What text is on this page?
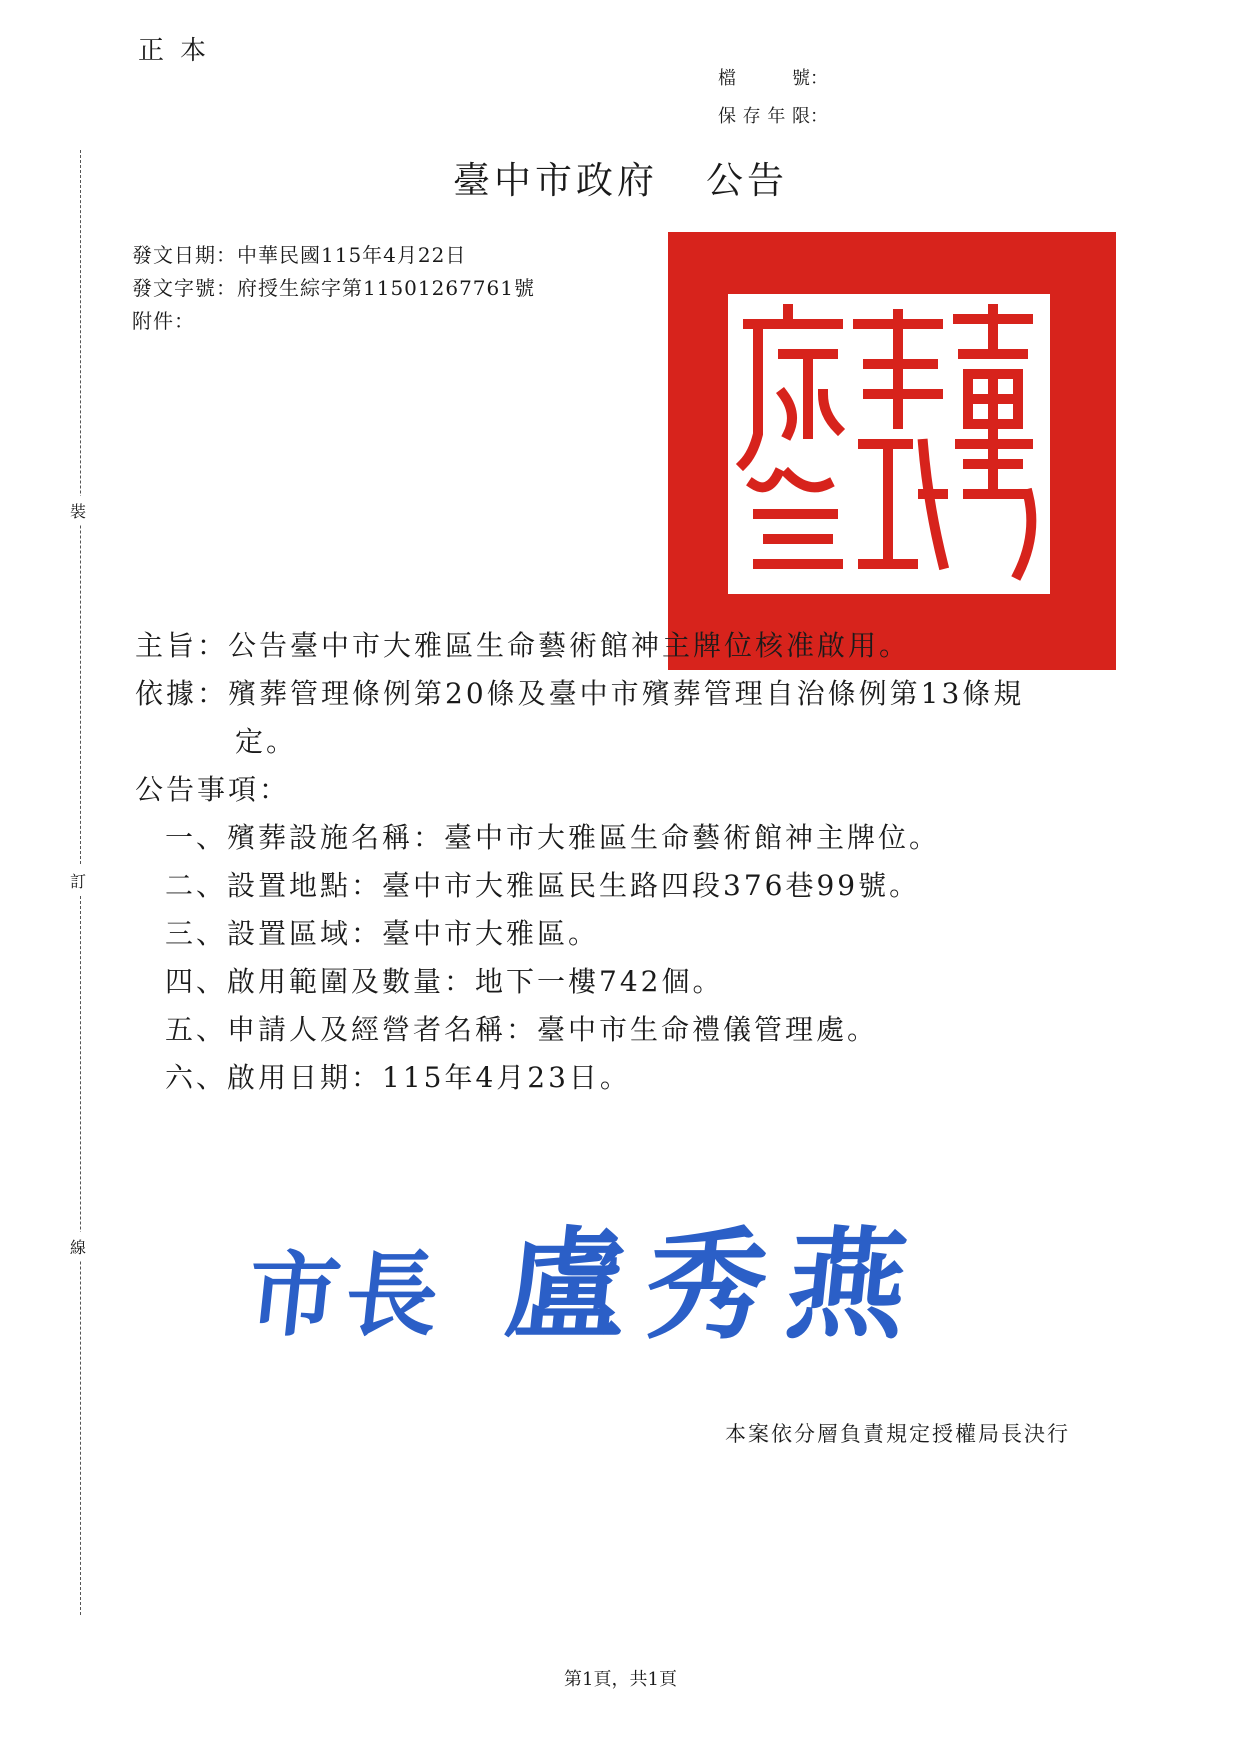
裝
訂
線
正本
檔號：
保存年限：
臺中市政府 公告
發文日期：中華民國115年4月22日
發文字號：府授生綜字第11501267761號
附件：
主旨：公告臺中市大雅區生命藝術館神主牌位核准啟用。
依據：殯葬管理條例第20條及臺中市殯葬管理自治條例第13條規
定。
公告事項：
一、殯葬設施名稱：臺中市大雅區生命藝術館神主牌位。
二、設置地點：臺中市大雅區民生路四段376巷99號。
三、設置區域：臺中市大雅區。
四、啟用範圍及數量：地下一樓742個。
五、申請人及經營者名稱：臺中市生命禮儀管理處。
六、啟用日期：115年4月23日。
市長 盧秀燕
本案依分層負責規定授權局長決行
第1頁，共1頁
